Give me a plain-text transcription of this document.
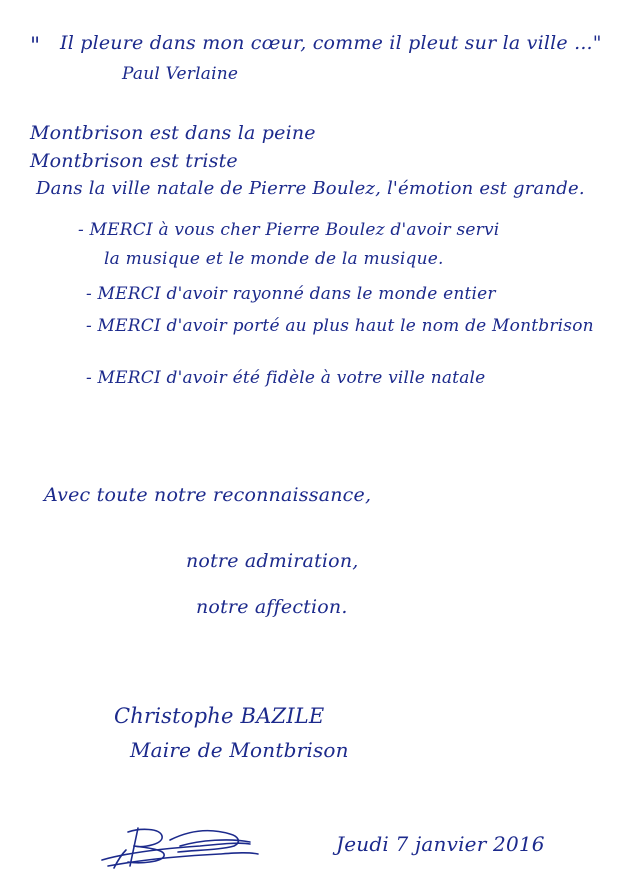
" Il pleure dans mon cœur, comme il pleut sur la ville ..."
Paul Verlaine
Montbrison est dans la peine
Montbrison est triste
Dans la ville natale de Pierre Boulez, l'émotion est grande.
- MERCI à vous cher Pierre Boulez d'avoir servi
la musique et le monde de la musique.
- MERCI d'avoir rayonné dans le monde entier
- MERCI d'avoir porté au plus haut le nom de Montbrison
- MERCI d'avoir été fidèle à votre ville natale
Avec toute notre reconnaissance,
notre admiration,
notre affection.
Christophe BAZILE
Maire de Montbrison
Jeudi 7 janvier 2016
